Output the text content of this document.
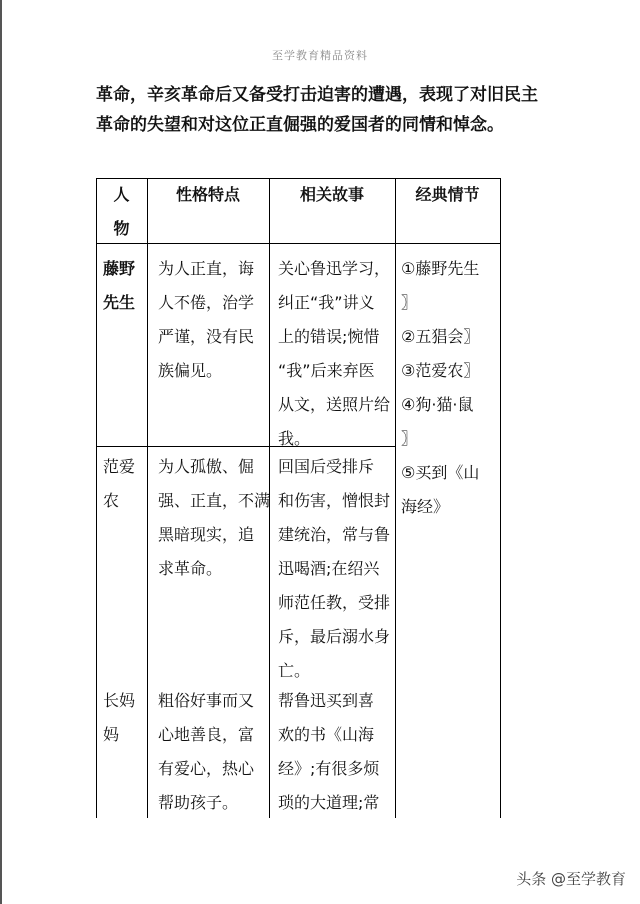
至学教育精品资料
革命，辛亥革命后又备受打击迫害的遭遇，表现了对旧民主
革命的失望和对这位正直倔强的爱国者的同情和悼念。
人
物
性格特点	相关故事	经典情节
藤野
先生
为人正直，诲
人不倦，治学
严谨，没有民
族偏见。
关心鲁迅学习，
纠正“我”讲义
上的错误;惋惜
“我”后来弃医
从文，送照片给
我。
①藤野先生
〗
②五猖会〗
③范爱农〗
④狗·猫·鼠
〗
⑤买到《山
海经》
范爱
农
为人孤傲、倔
强、正直，不满
黑暗现实，追
求革命。
回国后受排斥
和伤害，憎恨封
建统治，常与鲁
迅喝酒;在绍兴
师范任教，受排
斥，最后溺水身
亡。
长妈
妈
粗俗好事而又
心地善良，富
有爱心，热心
帮助孩子。
帮鲁迅买到喜
欢的书《山海
经》;有很多烦
琐的大道理;常
头条 @至学教育
